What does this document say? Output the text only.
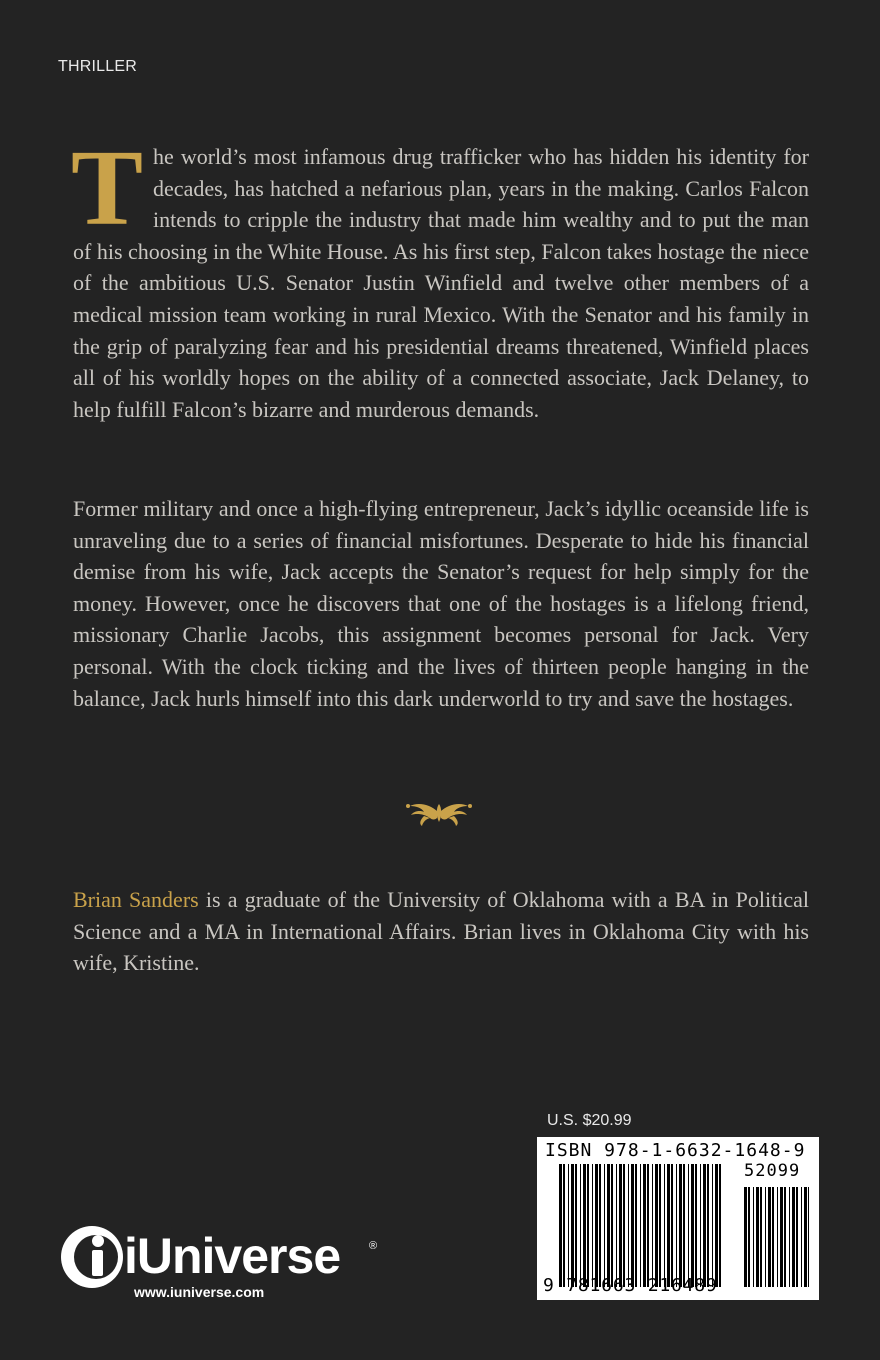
THRILLER

The world’s most infamous drug trafficker who has hidden his identity for decades, has hatched a nefarious plan, years in the making. Carlos Falcon intends to cripple the industry that made him wealthy and to put the man of his choosing in the White House. As his first step, Falcon takes hostage the niece of the ambitious U.S. Senator Justin Winfield and twelve other members of a medical mission team working in rural Mexico. With the Senator and his family in the grip of paralyzing fear and his presidential dreams threatened, Winfield places all of his worldly hopes on the ability of a connected associate, Jack Delaney, to help fulfill Falcon’s bizarre and murderous demands.

Former military and once a high-flying entrepreneur, Jack’s idyllic oceanside life is unraveling due to a series of financial misfortunes. Desperate to hide his financial demise from his wife, Jack accepts the Senator’s request for help simply for the money. However, once he discovers that one of the hostages is a lifelong friend, missionary Charlie Jacobs, this assignment becomes personal for Jack. Very personal. With the clock ticking and the lives of thirteen people hanging in the balance, Jack hurls himself into this dark underworld to try and save the hostages.

Brian Sanders is a graduate of the University of Oklahoma with a BA in Political Science and a MA in International Affairs. Brian lives in Oklahoma City with his wife, Kristine.

U.S. $20.99
ISBN 978-1-6632-1648-9
52099
9 781663 216489
iUniverse	®
www.iuniverse.com
